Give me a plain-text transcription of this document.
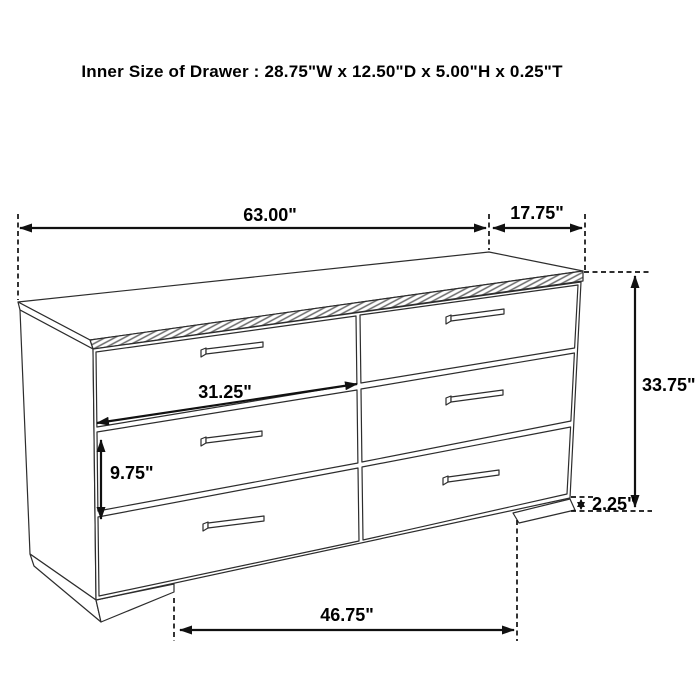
Inner Size of Drawer : 28.75"W x 12.50"D x 5.00"H x 0.25"T
63.00"	17.75"
31.25"
9.75"
33.75"
2.25"
46.75"
